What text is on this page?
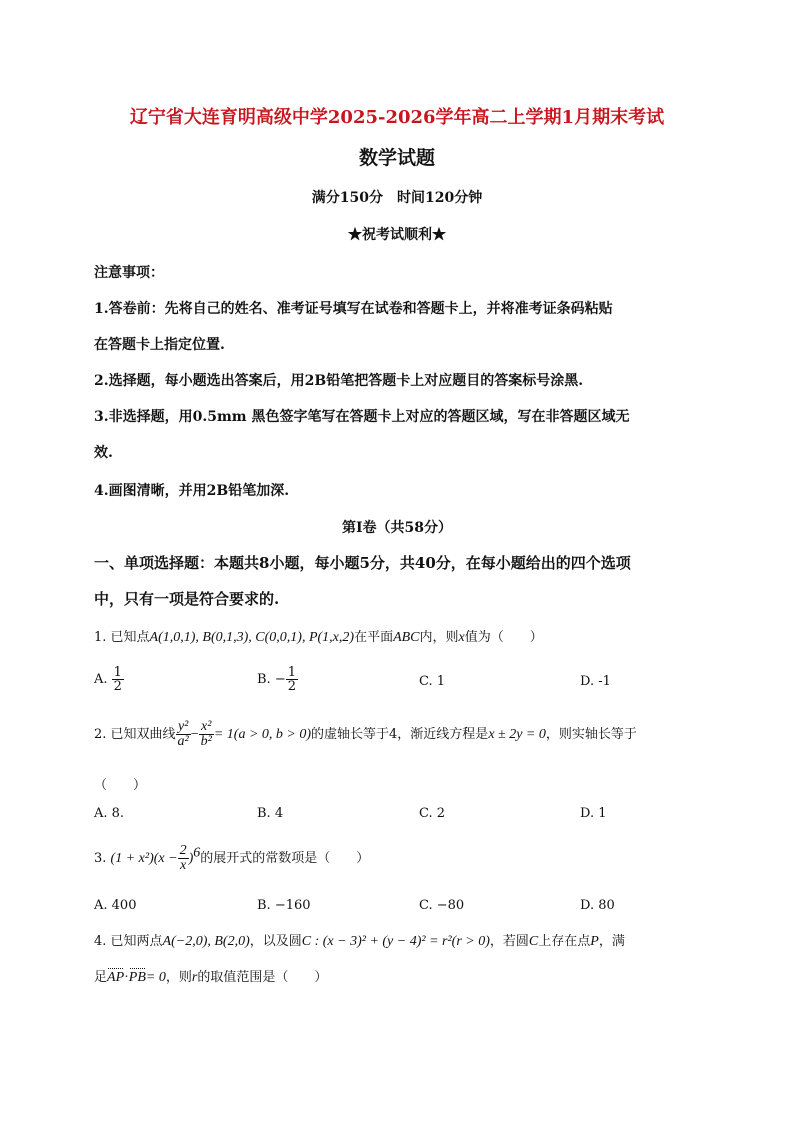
辽宁省大连育明高级中学2025-2026学年高二上学期1月期末考试
数学试题
满分150分　时间120分钟
★祝考试顺利★
注意事项：
1.答卷前：先将自己的姓名、准考证号填写在试卷和答题卡上，并将准考证条码粘贴
在答题卡上指定位置.
2.选择题，每小题选出答案后，用2B铅笔把答题卡上对应题目的答案标号涂黑.
3.非选择题，用0.5mm 黑色签字笔写在答题卡上对应的答题区域，写在非答题区域无
效.
4.画图清晰，并用2B铅笔加深.
第Ⅰ卷（共58分）
一、单项选择题：本题共8小题，每小题5分，共40分，在每小题给出的四个选项
中，只有一项是符合要求的.
1. 已知点A(1,0,1), B(0,1,3), C(0,0,1), P(1,x,2)在平面ABC内，则x值为（　　）
A. $\frac{1}{2}$	B. − $\frac{1}{2}$	C. 1	D. -1
2. 已知双曲线 $\frac{\text{y²}}{\text{a²}} - \frac{\text{x²}}{\text{b²}} = 1(a > 0$, b > 0)的虚轴长等于4，渐近线方程是x ± 2y = 0，则实轴长等于
（　　）
A. 8.	B. 4	C. 2	D. 1
3. $(1 + x^2)(x - \frac{2}{x} )^6$的展开式的常数项是（　　）
A. 400	B. −160	C. −80	D. 80
4. 已知两点A(−2,0), B(2,0)，以及圆C : (x − 3)² + (y − 4)² = r²(r > 0)，若圆C上存在点P，满
足AP·PB= 0，则r的取值范围是（　　）
